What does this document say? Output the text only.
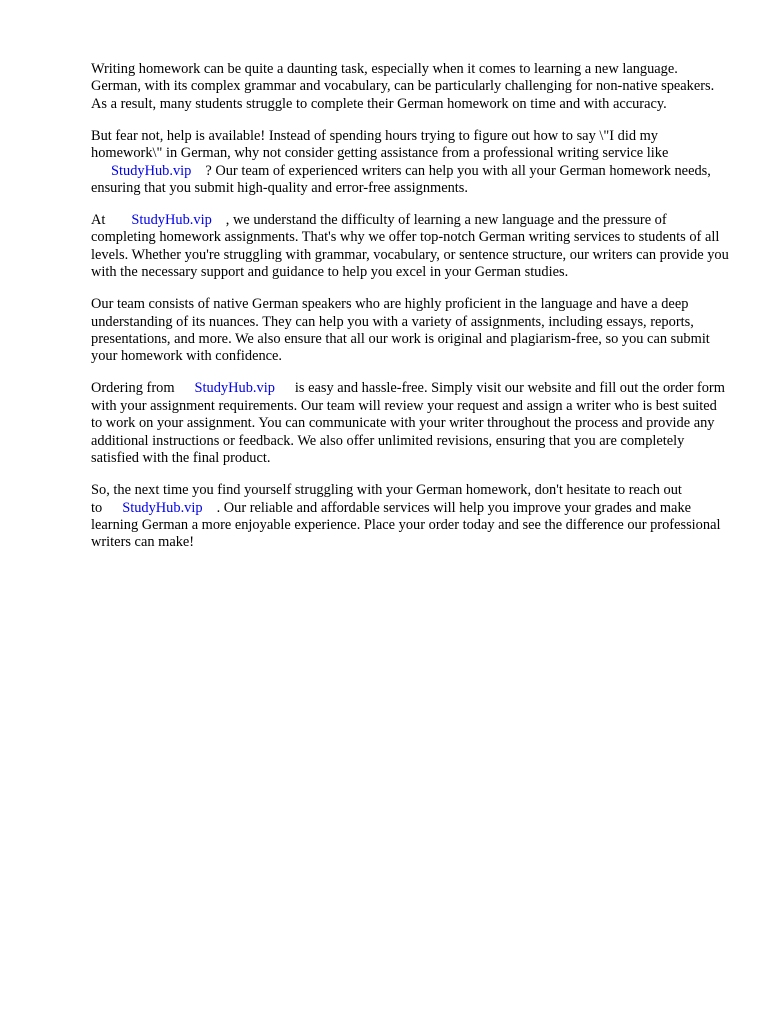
Writing homework can be quite a daunting task, especially when it comes to learning a new language. German, with its complex grammar and vocabulary, can be particularly challenging for non-native speakers. As a result, many students struggle to complete their German homework on time and with accuracy.

But fear not, help is available! Instead of spending hours trying to figure out how to say \"I did my homework\" in German, why not consider getting assistance from a professional writing service like
StudyHub.vip ? Our team of experienced writers can help you with all your German homework needs, ensuring that you submit high-quality and error-free assignments.

At StudyHub.vip , we understand the difficulty of learning a new language and the pressure of completing homework assignments. That's why we offer top-notch German writing services to students of all levels. Whether you're struggling with grammar, vocabulary, or sentence structure, our writers can provide you with the necessary support and guidance to help you excel in your German studies.

Our team consists of native German speakers who are highly proficient in the language and have a deep understanding of its nuances. They can help you with a variety of assignments, including essays, reports, presentations, and more. We also ensure that all our work is original and plagiarism-free, so you can submit your homework with confidence.

Ordering from StudyHub.vip is easy and hassle-free. Simply visit our website and fill out the order form with your assignment requirements. Our team will review your request and assign a writer who is best suited to work on your assignment. You can communicate with your writer throughout the process and provide any additional instructions or feedback. We also offer unlimited revisions, ensuring that you are completely satisfied with the final product.

So, the next time you find yourself struggling with your German homework, don't hesitate to reach out to StudyHub.vip . Our reliable and affordable services will help you improve your grades and make learning German a more enjoyable experience. Place your order today and see the difference our professional writers can make!
